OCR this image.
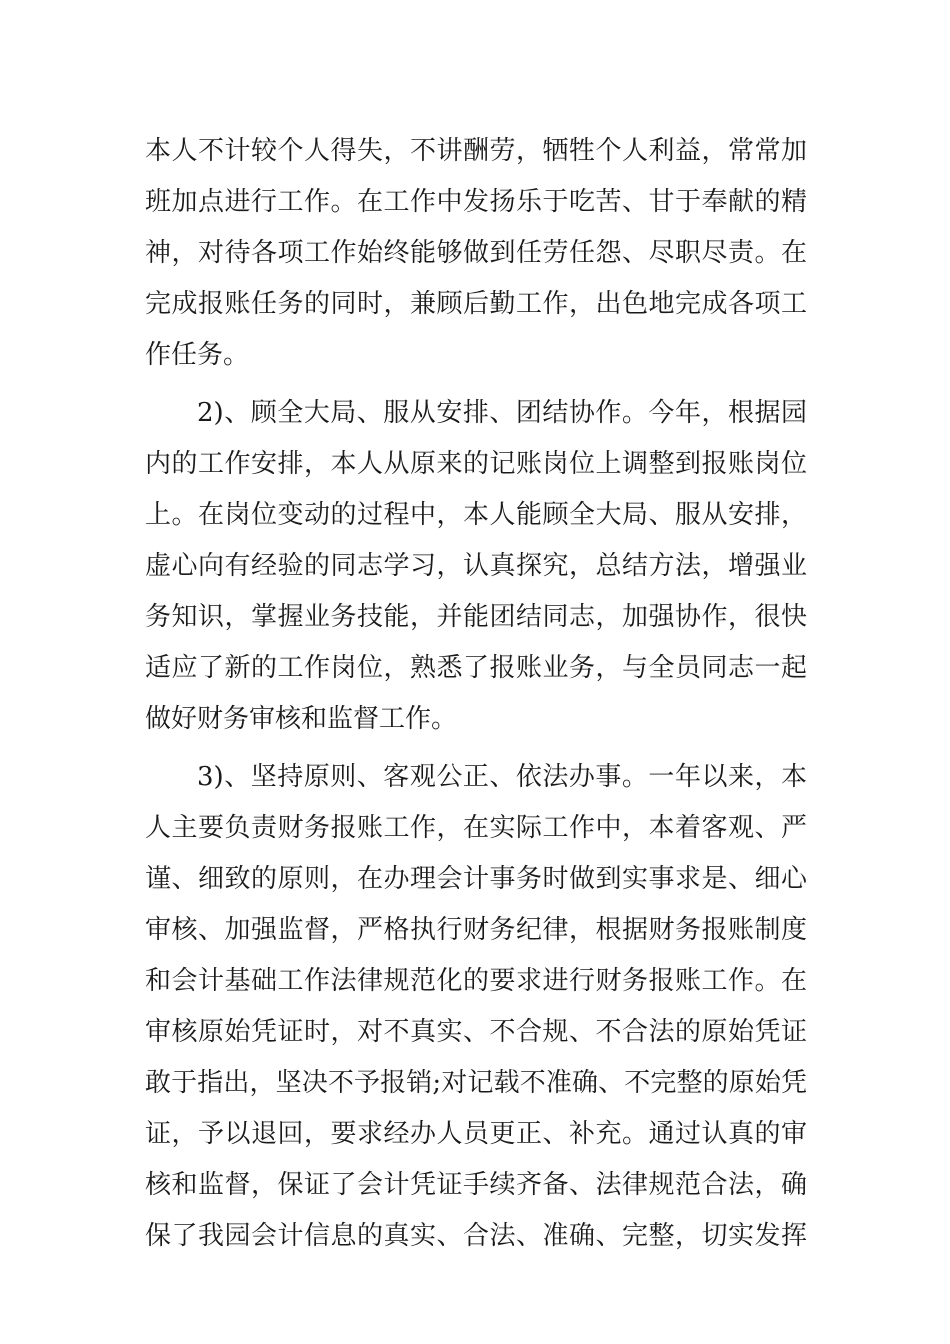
本人不计较个人得失，不讲酬劳，牺牲个人利益，常常加
班加点进行工作。在工作中发扬乐于吃苦、甘于奉献的精
神，对待各项工作始终能够做到任劳任怨、尽职尽责。在
完成报账任务的同时，兼顾后勤工作，出色地完成各项工
作任务。
2)、顾全大局、服从安排、团结协作。今年，根据园
内的工作安排，本人从原来的记账岗位上调整到报账岗位
上。在岗位变动的过程中，本人能顾全大局、服从安排，
虚心向有经验的同志学习，认真探究，总结方法，增强业
务知识，掌握业务技能，并能团结同志，加强协作，很快
适应了新的工作岗位，熟悉了报账业务，与全员同志一起
做好财务审核和监督工作。
3)、坚持原则、客观公正、依法办事。一年以来，本
人主要负责财务报账工作，在实际工作中，本着客观、严
谨、细致的原则，在办理会计事务时做到实事求是、细心
审核、加强监督，严格执行财务纪律，根据财务报账制度
和会计基础工作法律规范化的要求进行财务报账工作。在
审核原始凭证时，对不真实、不合规、不合法的原始凭证
敢于指出，坚决不予报销;对记载不准确、不完整的原始凭
证，予以退回，要求经办人员更正、补充。通过认真的审
核和监督，保证了会计凭证手续齐备、法律规范合法，确
保了我园会计信息的真实、合法、准确、完整，切实发挥
